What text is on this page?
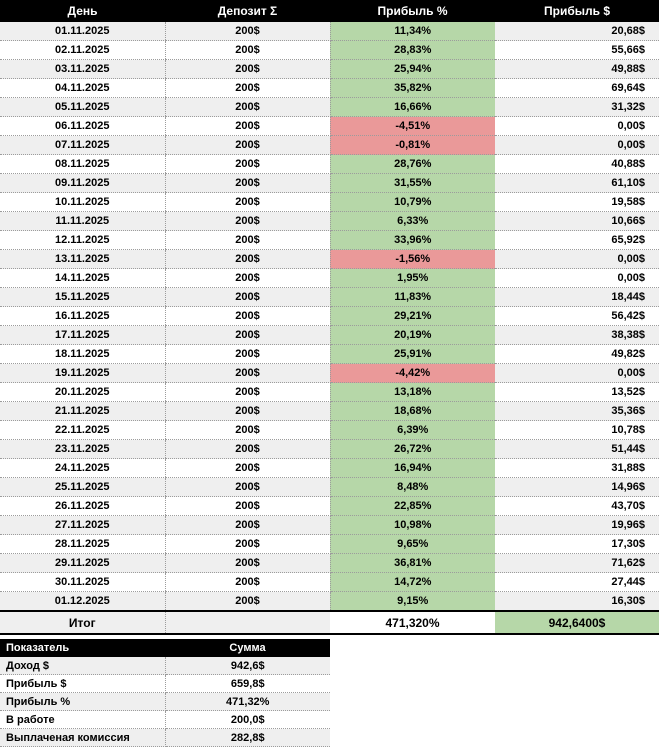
День	Депозит Σ	Прибыль %	Прибыль $
01.11.2025	200$	11,34%	20,68$
02.11.2025	200$	28,83%	55,66$
03.11.2025	200$	25,94%	49,88$
04.11.2025	200$	35,82%	69,64$
05.11.2025	200$	16,66%	31,32$
06.11.2025	200$	-4,51%	0,00$
07.11.2025	200$	-0,81%	0,00$
08.11.2025	200$	28,76%	40,88$
09.11.2025	200$	31,55%	61,10$
10.11.2025	200$	10,79%	19,58$
11.11.2025	200$	6,33%	10,66$
12.11.2025	200$	33,96%	65,92$
13.11.2025	200$	-1,56%	0,00$
14.11.2025	200$	1,95%	0,00$
15.11.2025	200$	11,83%	18,44$
16.11.2025	200$	29,21%	56,42$
17.11.2025	200$	20,19%	38,38$
18.11.2025	200$	25,91%	49,82$
19.11.2025	200$	-4,42%	0,00$
20.11.2025	200$	13,18%	13,52$
21.11.2025	200$	18,68%	35,36$
22.11.2025	200$	6,39%	10,78$
23.11.2025	200$	26,72%	51,44$
24.11.2025	200$	16,94%	31,88$
25.11.2025	200$	8,48%	14,96$
26.11.2025	200$	22,85%	43,70$
27.11.2025	200$	10,98%	19,96$
28.11.2025	200$	9,65%	17,30$
29.11.2025	200$	36,81%	71,62$
30.11.2025	200$	14,72%	27,44$
01.12.2025	200$	9,15%	16,30$
Итог		471,320%	942,6400$
Показатель	Сумма
Доход $	942,6$
Прибыль $	659,8$
Прибыль %	471,32%
В работе	200,0$
Выплаченая комиссия	282,8$
